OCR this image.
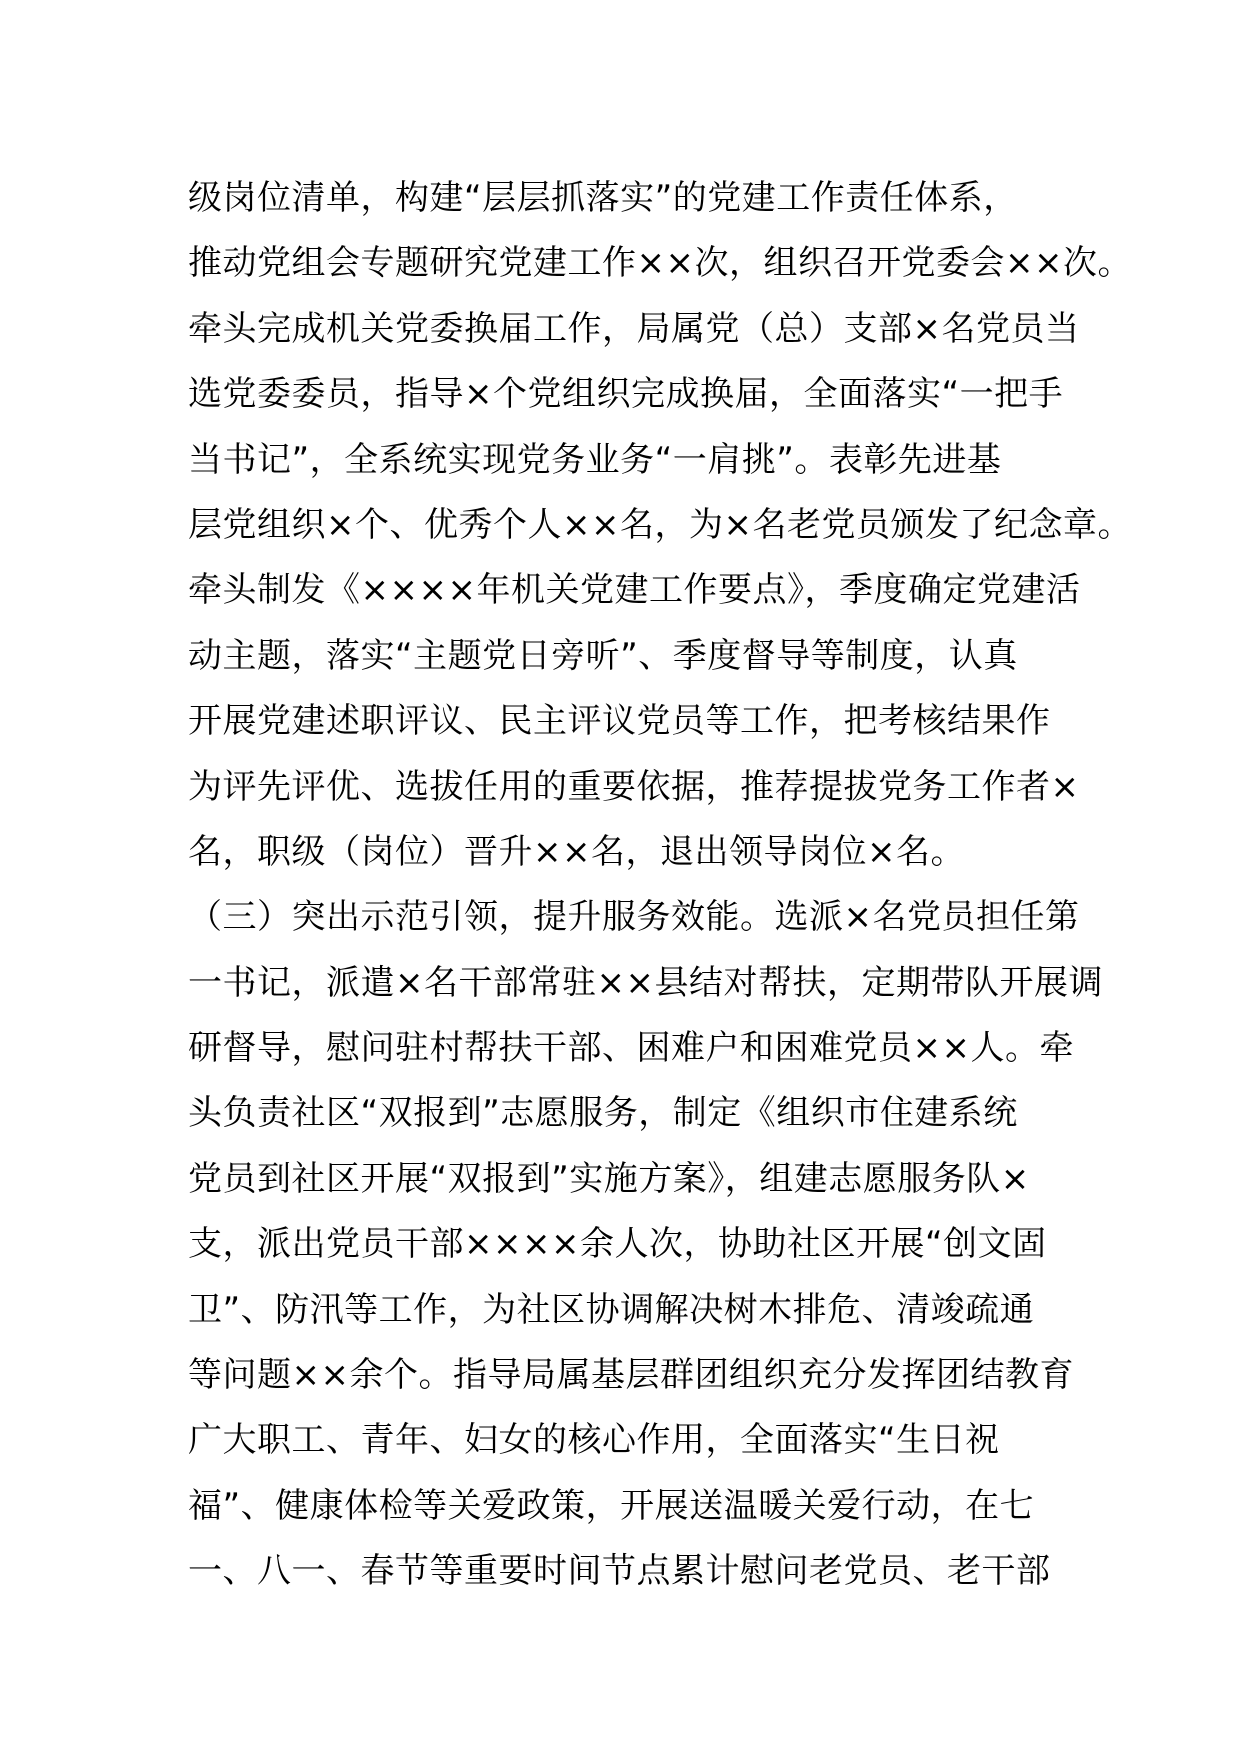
级岗位清单，构建“层层抓落实”的党建工作责任体系，
推动党组会专题研究党建工作××次，组织召开党委会××次。
牵头完成机关党委换届工作，局属党（总）支部×名党员当
选党委委员，指导×个党组织完成换届，全面落实“一把手
当书记”，全系统实现党务业务“一肩挑”。表彰先进基
层党组织×个、优秀个人××名，为×名老党员颁发了纪念章。
牵头制发《××××年机关党建工作要点》，季度确定党建活
动主题，落实“主题党日旁听”、季度督导等制度，认真
开展党建述职评议、民主评议党员等工作，把考核结果作
为评先评优、选拔任用的重要依据，推荐提拔党务工作者×
名，职级（岗位）晋升××名，退出领导岗位×名。
（三）突出示范引领，提升服务效能。选派×名党员担任第
一书记，派遣×名干部常驻××县结对帮扶，定期带队开展调
研督导，慰问驻村帮扶干部、困难户和困难党员××人。牵
头负责社区“双报到”志愿服务，制定《组织市住建系统
党员到社区开展“双报到”实施方案》，组建志愿服务队×
支，派出党员干部××××余人次，协助社区开展“创文固
卫”、防汛等工作，为社区协调解决树木排危、清竣疏通
等问题××余个。指导局属基层群团组织充分发挥团结教育
广大职工、青年、妇女的核心作用，全面落实“生日祝
福”、健康体检等关爱政策，开展送温暖关爱行动，在七
一、八一、春节等重要时间节点累计慰问老党员、老干部
